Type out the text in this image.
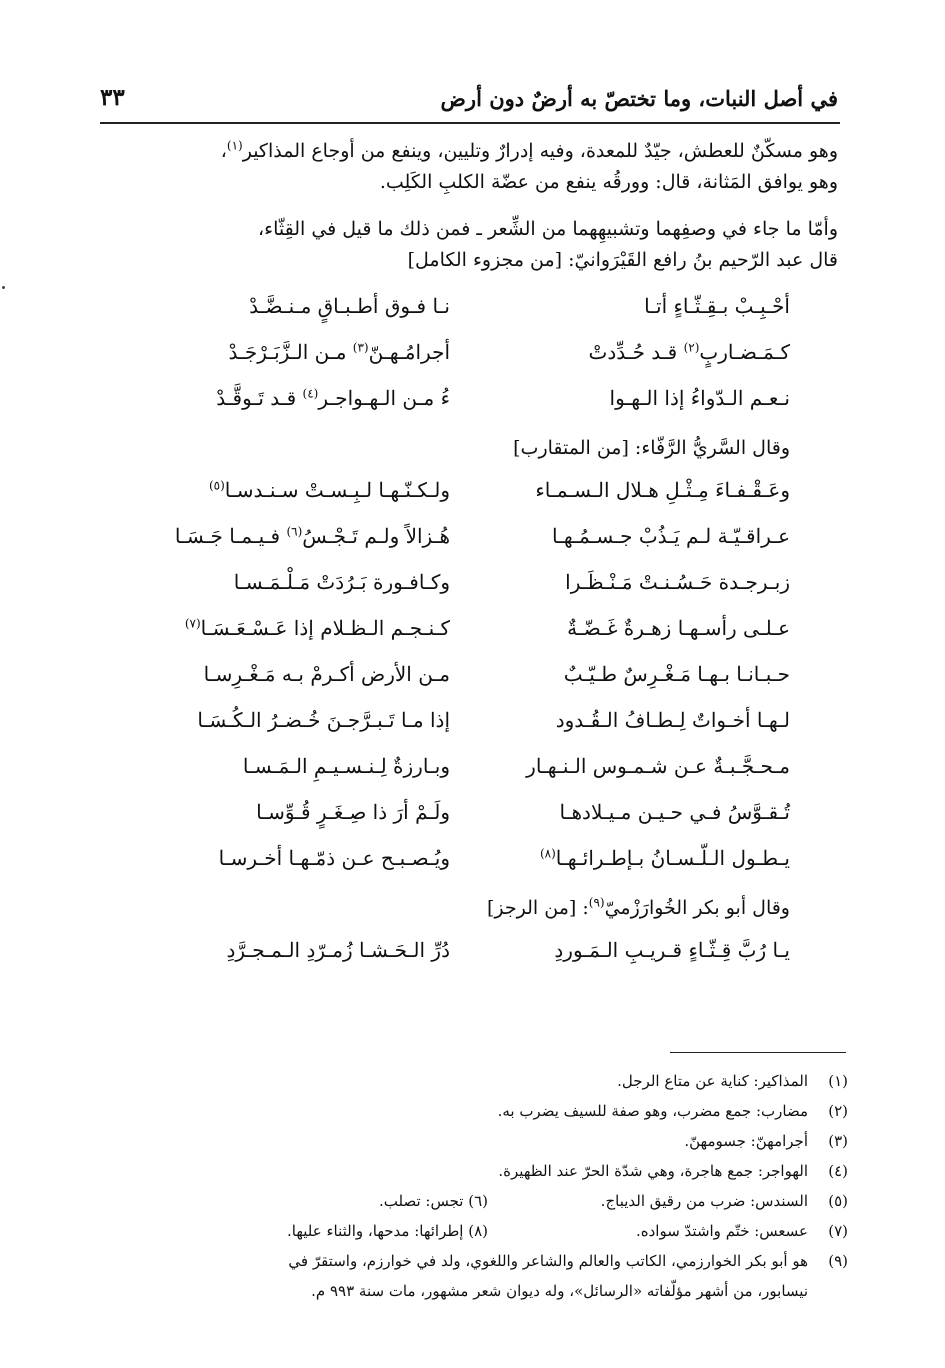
في أصل النبات، وما تختصّ به أرضٌ دون أرض
٣٣

وهو مسكّنٌ للعطش، جيّدٌ للمعدة، وفيه إدرارٌ وتليين، وينفع من أوجاع المذاكير$^{(١)}$،
وهو يوافق المَثانة، قال: وورقُه ينفع من عضّة الكلبِ الكَلِب.

وأمّا ما جاء في وصفِهما وتشبيهِهما من الشِّعر ـ فمن ذلك ما قيل في القِثّاء،
قال عبد الرّحيم بنُ رافع القَيْرَوانيّ: [من مجزوء الكامل]

أحْـبِـبْ بـقِـثّـاءٍ أتـا
نـا فـوق أطـبـاقٍ مـنـضَّـدْ
كـمَـضـاربٍ$^{(٢)}$ قـد حُـدِّدتْ
أجرامُـهـنّ$^{(٣)}$ مـن الـزَّبَـرْجَـدْ
نـعـم الـدّواءُ إذا الـهـوا
ءُ مـن الـهـواجـر$^{(٤)}$ قـد تَـوقَّـدْ

وقال السَّريُّ الرَّفّاء: [من المتقارب]

وعَـقْـفـاءَ مِـثْـلِ هـلال الـسـمـاء
ولـكـنّـهـا لـبِـسـتْ سـنـدسـا$^{(٥)}$
عـراقـيّـة لـم يَـذُبْ جـسـمُـهـا
هُـزالاً ولـم تَـجْـسُ$^{(٦)}$ فـيـمـا جَـسَـا
زبـرجـدة حَـسُـنـتْ مَـنْـظَـرا
وكـافـورة بَـرُدَتْ مَـلْـمَـسـا
عـلـى رأسـهـا زهـرةٌ غَـضّـةٌ
كـنـجـم الـظـلام إذا عَـسْـعَـسَـا$^{(٧)}$
حـبـانـا بـهـا مَـغْـرِسٌ طـيّـبٌ
مـن الأرض أكـرمْ بـه مَـغْـرِسـا
لـهـا أخـواتٌ لِـطـافُ الـقُـدود
إذا مـا تَـبـرَّجـنَ خُـضـرُ الـكُـسَـا
مـحـجَّـبـةٌ عـن شـمـوس الـنـهـار
وبـارزةٌ لِـنـسـيـمِ الـمَـسـا
تُـقـوَّسُ فـي حـيـن مـيـلادهـا
ولَـمْ أرَ ذا صِـغَـرٍ قُـوِّسـا
يـطـول الـلّـسـانُ بـإطـرائـهـا$^{(٨)}$
ويُـصـبـح عـن ذمّـهـا أخـرسـا

وقال أبو بكر الخُوارَزْميّ$^{(٩)}$: [من الرجز]

يـا رُبَّ قِـثّـاءٍ قـريـبِ الـمَـوردِ
دُرِّ الـحَـشـا زُمـرّدِ الـمـجـرَّدِ
(١)
المذاكير: كناية عن متاع الرجل.
(٢)
مضارب: جمع مضرب، وهو صفة للسيف يضرب به.
(٣)
أجرامهنّ: جسومهنّ.
(٤)
الهواجر: جمع هاجرة، وهي شدّة الحرّ عند الظهيرة.
(٥)
السندس: ضرب من رقيق الديباج.
(٦) تجس: تصلب.
(٧)
عسعس: ختّم واشتدّ سواده.
(٨) إطرائها: مدحها، والثناء عليها.
(٩)
هو أبو بكر الخوارزمي، الكاتب والعالم والشاعر واللغوي، ولد في خوارزم، واستقرّ في
نيسابور، من أشهر مؤلّفاته «الرسائل»، وله ديوان شعر مشهور، مات سنة ٩٩٣ م.
